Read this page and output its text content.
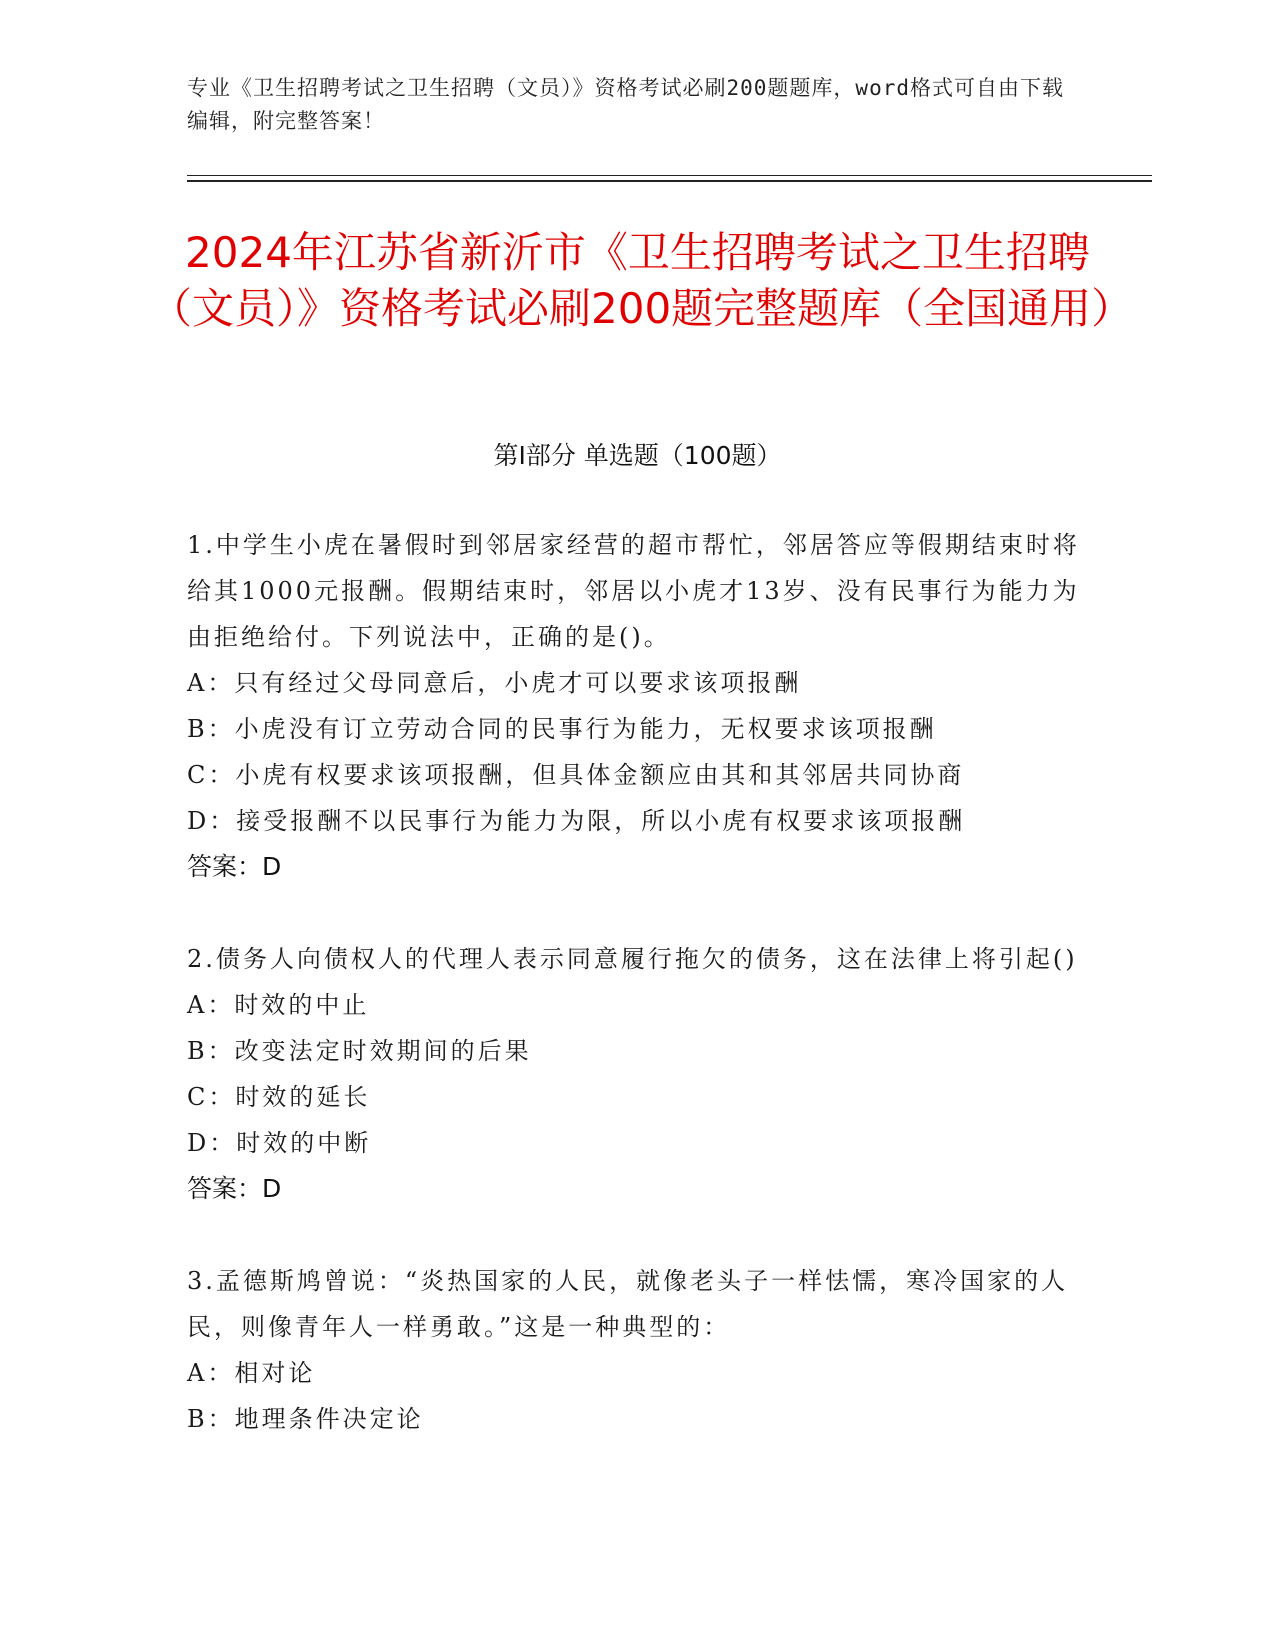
专业《卫生招聘考试之卫生招聘（文员）》资格考试必刷200题题库，word格式可自由下载编辑，附完整答案！
2024年江苏省新沂市《卫生招聘考试之卫生招聘（文员）》资格考试必刷200题完整题库（全国通用）
第I部分 单选题（100题）
1.中学生小虎在暑假时到邻居家经营的超市帮忙，邻居答应等假期结束时将给其1000元报酬。假期结束时，邻居以小虎才13岁、没有民事行为能力为由拒绝给付。下列说法中，正确的是()。
A：只有经过父母同意后，小虎才可以要求该项报酬
B：小虎没有订立劳动合同的民事行为能力，无权要求该项报酬
C：小虎有权要求该项报酬，但具体金额应由其和其邻居共同协商
D：接受报酬不以民事行为能力为限，所以小虎有权要求该项报酬
答案：D
2.债务人向债权人的代理人表示同意履行拖欠的债务，这在法律上将引起()
A：时效的中止
B：改变法定时效期间的后果
C：时效的延长
D：时效的中断
答案：D
3.孟德斯鸠曾说：“炎热国家的人民，就像老头子一样怯懦，寒冷国家的人民，则像青年人一样勇敢。”这是一种典型的：
A：相对论
B：地理条件决定论
